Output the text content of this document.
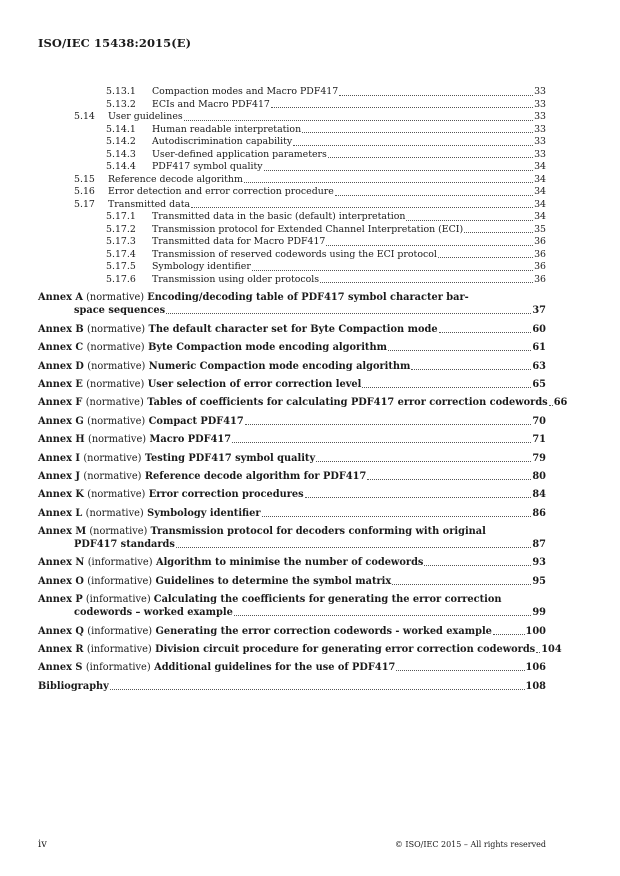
ISO/IEC 15438:2015(E)
5.13.1	Compaction modes and Macro PDF417	33
5.13.2	ECIs and Macro PDF417	33
5.14	User guidelines	33
5.14.1	Human readable interpretation	33
5.14.2	Autodiscrimination capability	33
5.14.3	User-defined application parameters	33
5.14.4	PDF417 symbol quality	34
5.15	Reference decode algorithm	34
5.16	Error detection and error correction procedure	34
5.17	Transmitted data	34
5.17.1	Transmitted data in the basic (default) interpretation	34
5.17.2	Transmission protocol for Extended Channel Interpretation (ECI)	35
5.17.3	Transmitted data for Macro PDF417	36
5.17.4	Transmission of reserved codewords using the ECI protocol	36
5.17.5	Symbology identifier	36
5.17.6	Transmission using older protocols	36
Annex A (normative) Encoding/decoding table of PDF417 symbol character bar-
space sequences	37
Annex B (normative) The default character set for Byte Compaction mode	60
Annex C (normative) Byte Compaction mode encoding algorithm	61
Annex D (normative) Numeric Compaction mode encoding algorithm	63
Annex E (normative) User selection of error correction level	65
Annex F (normative) Tables of coefficients for calculating PDF417 error correction codewords 66
Annex G (normative) Compact PDF417	70
Annex H (normative) Macro PDF417	71
Annex I (normative) Testing PDF417 symbol quality	79
Annex J (normative) Reference decode algorithm for PDF417	80
Annex K (normative) Error correction procedures	84
Annex L (normative) Symbology identifier	86
Annex M (normative) Transmission protocol for decoders conforming with original
PDF417 standards	87
Annex N (informative) Algorithm to minimise the number of codewords	93
Annex O (informative) Guidelines to determine the symbol matrix	95
Annex P (informative) Calculating the coefficients for generating the error correction
codewords – worked example	99
Annex Q (informative) Generating the error correction codewords - worked example	100
Annex R (informative) Division circuit procedure for generating error correction codewords 104
Annex S (informative) Additional guidelines for the use of PDF417	106
Bibliography	108
iv	© ISO/IEC 2015 – All rights reserved
